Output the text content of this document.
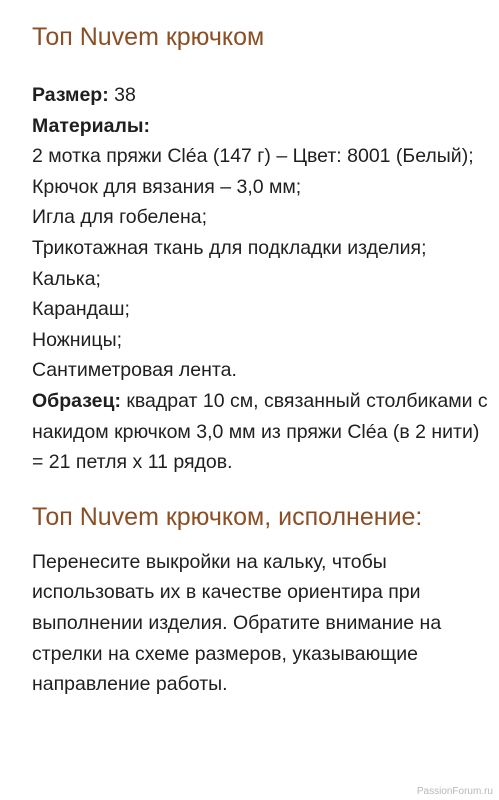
Топ Nuvem крючком

Размер: 38

Материалы:

2 мотка пряжи Cléa (147 г) – Цвет: 8001 (Белый);

Крючок для вязания – 3,0 мм;

Игла для гобелена;

Трикотажная ткань для подкладки изделия;

Калька;

Карандаш;

Ножницы;

Сантиметровая лента.

Образец: квадрат 10 см, связанный столбиками с накидом крючком 3,0 мм из пряжи Cléa (в 2 нити) = 21 петля х 11 рядов.

Топ Nuvem крючком, исполнение:

Перенесите выкройки на кальку, чтобы использовать их в качестве ориентира при выполнении изделия. Обратите внимание на стрелки на схеме размеров, указывающие направление работы.

PassionForum.ru
